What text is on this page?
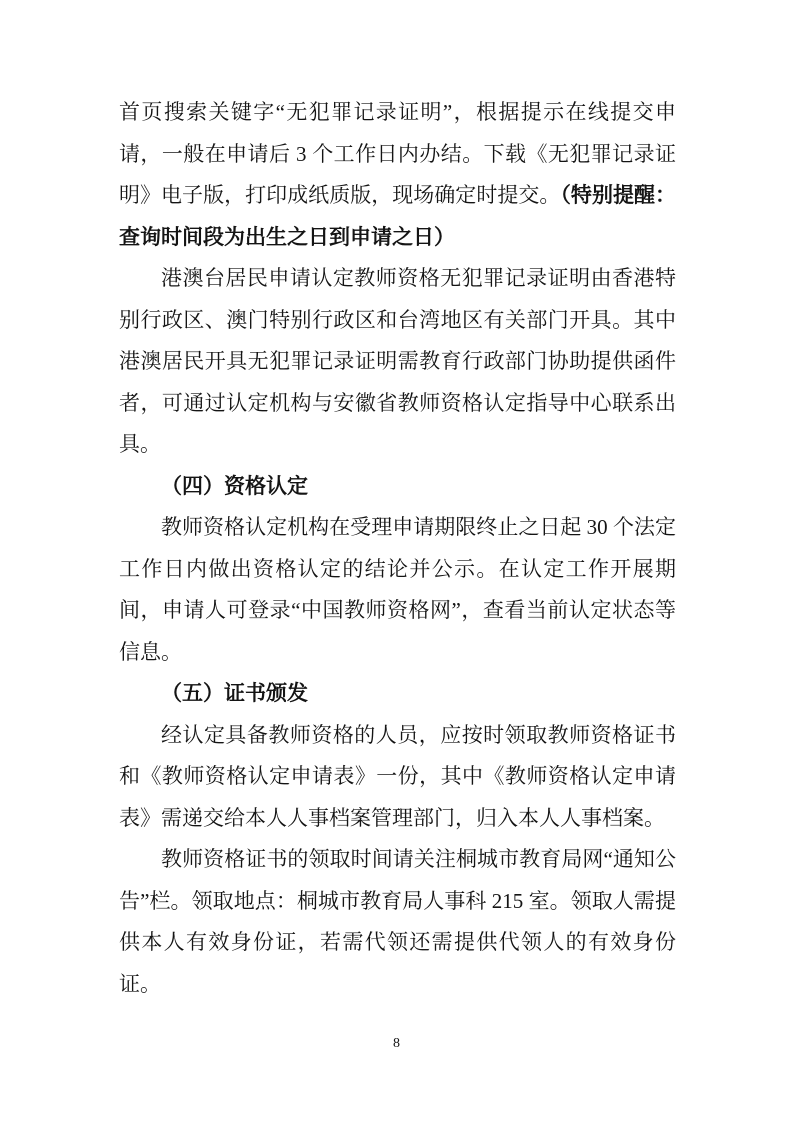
首页搜索关键字“无犯罪记录证明”，根据提示在线提交申请，一般在申请后 3 个工作日内办结。下载《无犯罪记录证明》电子版，打印成纸质版，现场确定时提交。（特别提醒：查询时间段为出生之日到申请之日）

港澳台居民申请认定教师资格无犯罪记录证明由香港特别行政区、澳门特别行政区和台湾地区有关部门开具。其中港澳居民开具无犯罪记录证明需教育行政部门协助提供函件者，可通过认定机构与安徽省教师资格认定指导中心联系出具。

（四）资格认定

教师资格认定机构在受理申请期限终止之日起 30 个法定工作日内做出资格认定的结论并公示。在认定工作开展期间，申请人可登录“中国教师资格网”，查看当前认定状态等信息。

（五）证书颁发

经认定具备教师资格的人员，应按时领取教师资格证书和《教师资格认定申请表》一份，其中《教师资格认定申请表》需递交给本人人事档案管理部门，归入本人人事档案。

教师资格证书的领取时间请关注桐城市教育局网“通知公告”栏。领取地点：桐城市教育局人事科 215 室。领取人需提供本人有效身份证，若需代领还需提供代领人的有效身份证。

8
